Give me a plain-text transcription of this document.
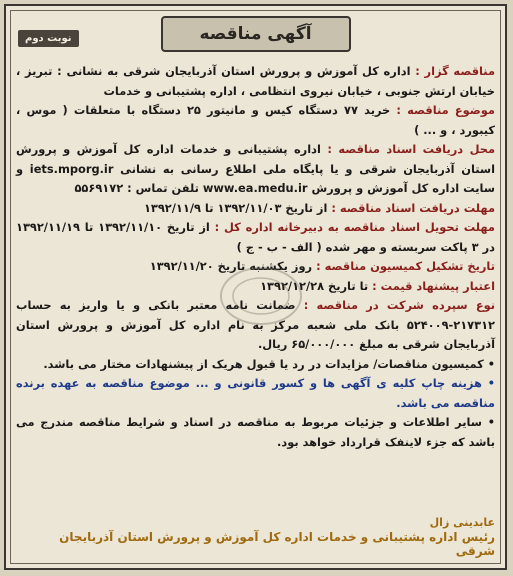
آگهی مناقصه
نوبت دوم

مناقصه گزار : اداره کل آموزش و پرورش استان آذربایجان شرقی به نشانی : تبریز ، خیابان ارتش جنوبی ، خیابان نیروی انتظامی ، اداره پشتیبانی و خدمات

موضوع مناقصه : خرید ۷۷ دستگاه کیس و مانیتور ۲۵ دستگاه با متعلقات ( موس ، کیبورد ، و ... )

محل دریافت اسناد مناقصه : اداره پشتیبانی و خدمات اداره کل آموزش و پرورش استان آذربایجان شرقی و یا پایگاه ملی اطلاع رسانی به نشانی iets.mporg.ir و سایت اداره کل آموزش و پرورش www.ea.medu.ir تلفن تماس : ۵۵۶۹۱۷۲

مهلت دریافت اسناد مناقصه : از تاریخ ۱۳۹۲/۱۱/۰۳ تا ۱۳۹۲/۱۱/۹

مهلت تحویل اسناد مناقصه به دبیرخانه اداره کل : از تاریخ ۱۳۹۲/۱۱/۱۰ تا ۱۳۹۲/۱۱/۱۹ در ۳ پاکت سربسته و مهر شده ( الف - ب - ج )

تاریخ تشکیل کمیسیون مناقصه : روز یکشنبه تاریخ ۱۳۹۲/۱۱/۲۰

اعتبار پیشنهاد قیمت : تا تاریخ ۱۳۹۲/۱۲/۲۸

نوع سپرده شرکت در مناقصه : ضمانت نامه معتبر بانکی و یا واریز به حساب ۲۱۷۳۱۲-۵۲۴۰۰۹ بانک ملی شعبه مرکز به نام اداره کل آموزش و پرورش استان آذربایجان شرقی به مبلغ ۶۵/۰۰۰/۰۰۰ ریال.

• کمیسیون مناقصات/ مزایدات در رد یا قبول هریک از پیشنهادات مختار می باشد.

• هزینه چاپ کلیه ی آگهی ها و کسور قانونی و ... موضوع مناقصه به عهده برنده مناقصه می باشد.

• سایر اطلاعات و جزئیات مربوط به مناقصه در اسناد و شرایط مناقصه مندرج می باشد که جزء لاینفک قرارداد خواهد بود.

عابدینی زال
رئیس اداره پشتیبانی و خدمات اداره کل آموزش و پرورش استان آذربایجان شرقی
